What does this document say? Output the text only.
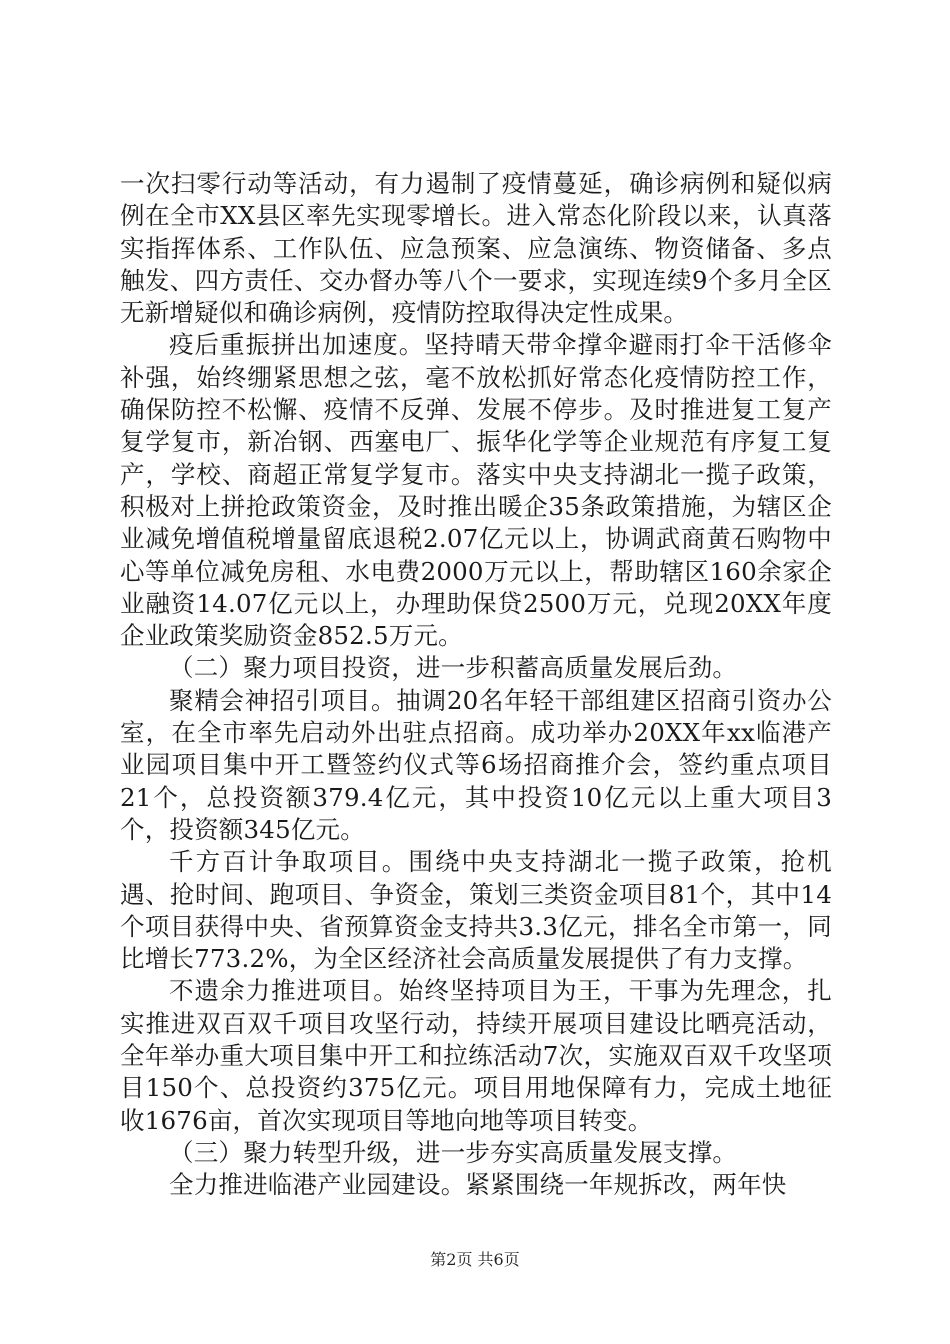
一次扫零行动等活动，有力遏制了疫情蔓延，确诊病例和疑似病例在全市XX县区率先实现零增长。进入常态化阶段以来，认真落实指挥体系、工作队伍、应急预案、应急演练、物资储备、多点触发、四方责任、交办督办等八个一要求，实现连续9个多月全区无新增疑似和确诊病例，疫情防控取得决定性成果。

疫后重振拼出加速度。坚持晴天带伞撑伞避雨打伞干活修伞补强，始终绷紧思想之弦，毫不放松抓好常态化疫情防控工作，确保防控不松懈、疫情不反弹、发展不停步。及时推进复工复产复学复市，新冶钢、西塞电厂、振华化学等企业规范有序复工复产，学校、商超正常复学复市。落实中央支持湖北一揽子政策，积极对上拼抢政策资金，及时推出暖企35条政策措施，为辖区企业减免增值税增量留底退税2.07亿元以上，协调武商黄石购物中心等单位减免房租、水电费2000万元以上，帮助辖区160余家企业融资14.07亿元以上，办理助保贷2500万元，兑现20XX年度企业政策奖励资金852.5万元。

（二）聚力项目投资，进一步积蓄高质量发展后劲。

聚精会神招引项目。抽调20名年轻干部组建区招商引资办公室，在全市率先启动外出驻点招商。成功举办20XX年xx临港产业园项目集中开工暨签约仪式等6场招商推介会，签约重点项目21个，总投资额379.4亿元，其中投资10亿元以上重大项目3个，投资额345亿元。

千方百计争取项目。围绕中央支持湖北一揽子政策，抢机遇、抢时间、跑项目、争资金，策划三类资金项目81个，其中14个项目获得中央、省预算资金支持共3.3亿元，排名全市第一，同比增长773.2%，为全区经济社会高质量发展提供了有力支撑。

不遗余力推进项目。始终坚持项目为王，干事为先理念，扎实推进双百双千项目攻坚行动，持续开展项目建设比晒亮活动，全年举办重大项目集中开工和拉练活动7次，实施双百双千攻坚项目150个、总投资约375亿元。项目用地保障有力，完成土地征收1676亩，首次实现项目等地向地等项目转变。

（三）聚力转型升级，进一步夯实高质量发展支撑。

全力推进临港产业园建设。紧紧围绕一年规拆改，两年快

第2页 共6页
